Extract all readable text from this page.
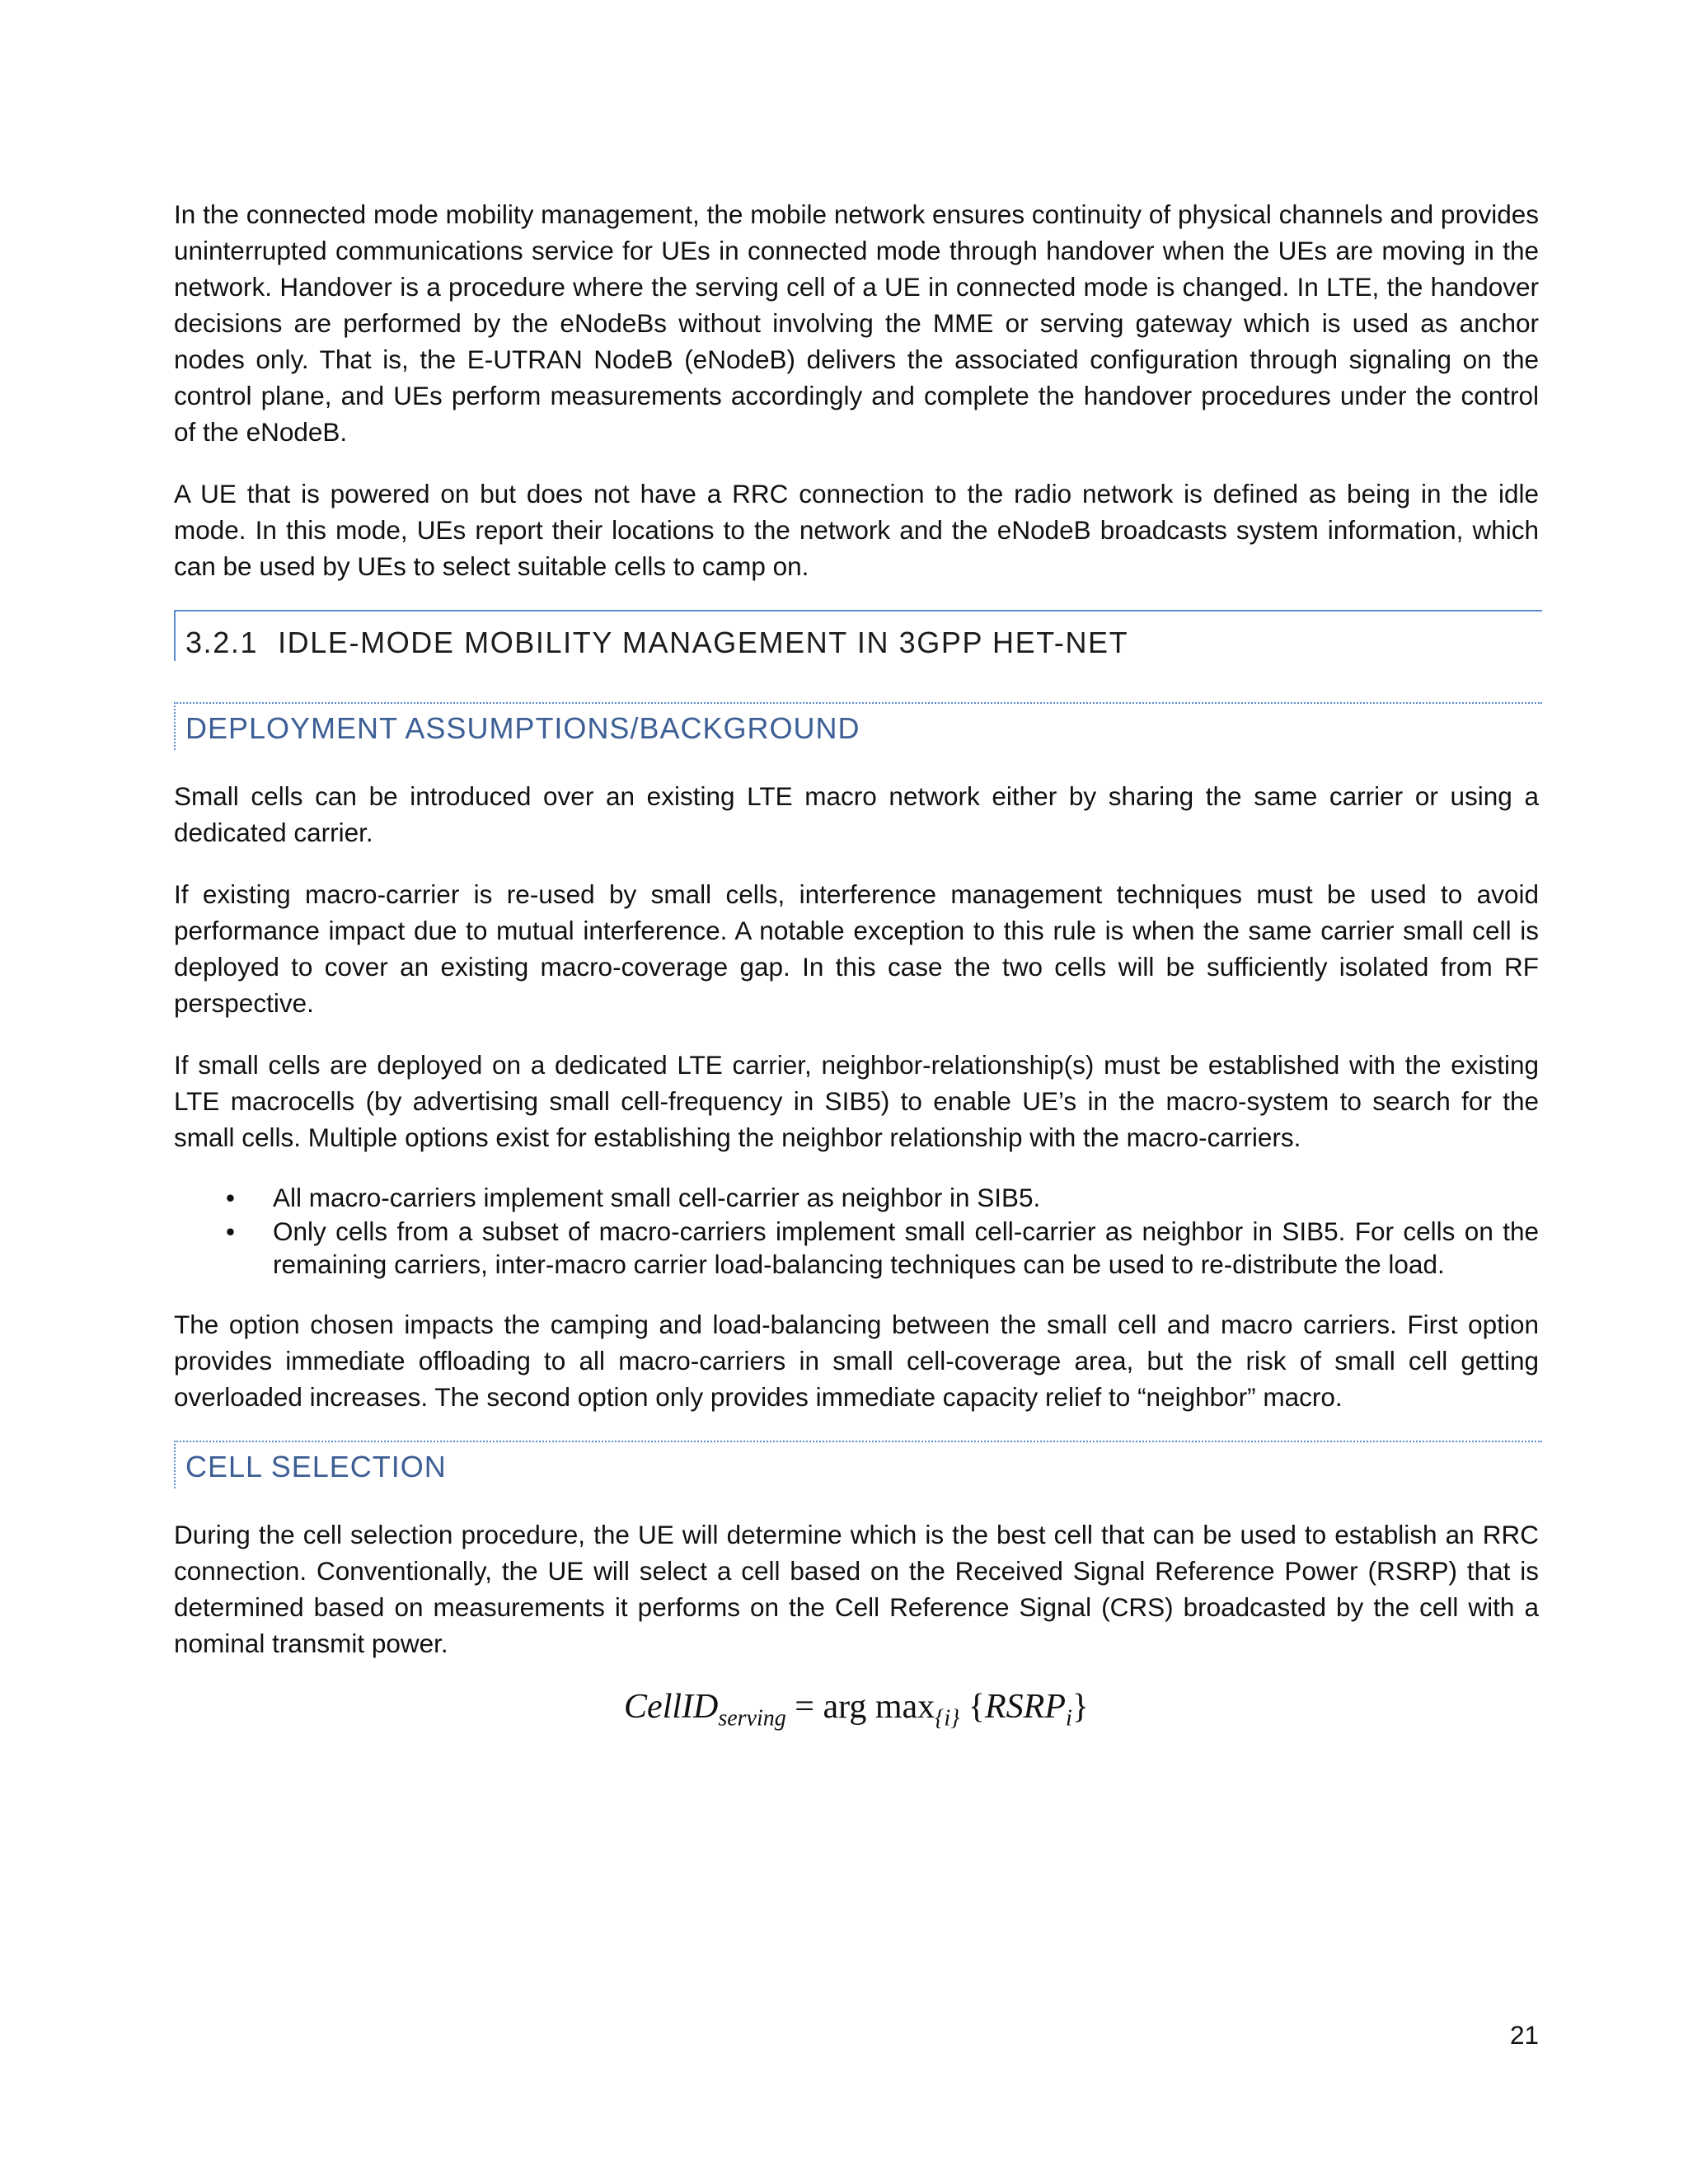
In the connected mode mobility management, the mobile network ensures continuity of physical channels and provides uninterrupted communications service for UEs in connected mode through handover when the UEs are moving in the network. Handover is a procedure where the serving cell of a UE in connected mode is changed. In LTE, the handover decisions are performed by the eNodeBs without involving the MME or serving gateway which is used as anchor nodes only. That is, the E-UTRAN NodeB (eNodeB) delivers the associated configuration through signaling on the control plane, and UEs perform measurements accordingly and complete the handover procedures under the control of the eNodeB.

A UE that is powered on but does not have a RRC connection to the radio network is defined as being in the idle mode. In this mode, UEs report their locations to the network and the eNodeB broadcasts system information, which can be used by UEs to select suitable cells to camp on.

3.2.1 IDLE-MODE MOBILITY MANAGEMENT IN 3GPP HET-NET
DEPLOYMENT ASSUMPTIONS/BACKGROUND

Small cells can be introduced over an existing LTE macro network either by sharing the same carrier or using a dedicated carrier.

If existing macro-carrier is re-used by small cells, interference management techniques must be used to avoid performance impact due to mutual interference. A notable exception to this rule is when the same carrier small cell is deployed to cover an existing macro-coverage gap. In this case the two cells will be sufficiently isolated from RF perspective.

If small cells are deployed on a dedicated LTE carrier, neighbor-relationship(s) must be established with the existing LTE macrocells (by advertising small cell-frequency in SIB5) to enable UE’s in the macro-system to search for the small cells. Multiple options exist for establishing the neighbor relationship with the macro-carriers.

• All macro-carriers implement small cell-carrier as neighbor in SIB5.
• Only cells from a subset of macro-carriers implement small cell-carrier as neighbor in SIB5. For cells on the remaining carriers, inter-macro carrier load-balancing techniques can be used to re-distribute the load.

The option chosen impacts the camping and load-balancing between the small cell and macro carriers. First option provides immediate offloading to all macro-carriers in small cell-coverage area, but the risk of small cell getting overloaded increases. The second option only provides immediate capacity relief to “neighbor” macro.

CELL SELECTION

During the cell selection procedure, the UE will determine which is the best cell that can be used to establish an RRC connection. Conventionally, the UE will select a cell based on the Received Signal Reference Power (RSRP) that is determined based on measurements it performs on the Cell Reference Signal (CRS) broadcasted by the cell with a nominal transmit power.

CellID$_{serving}$ = arg $\max_{\{i\}}$ $\{RSRP_i\}$
21
